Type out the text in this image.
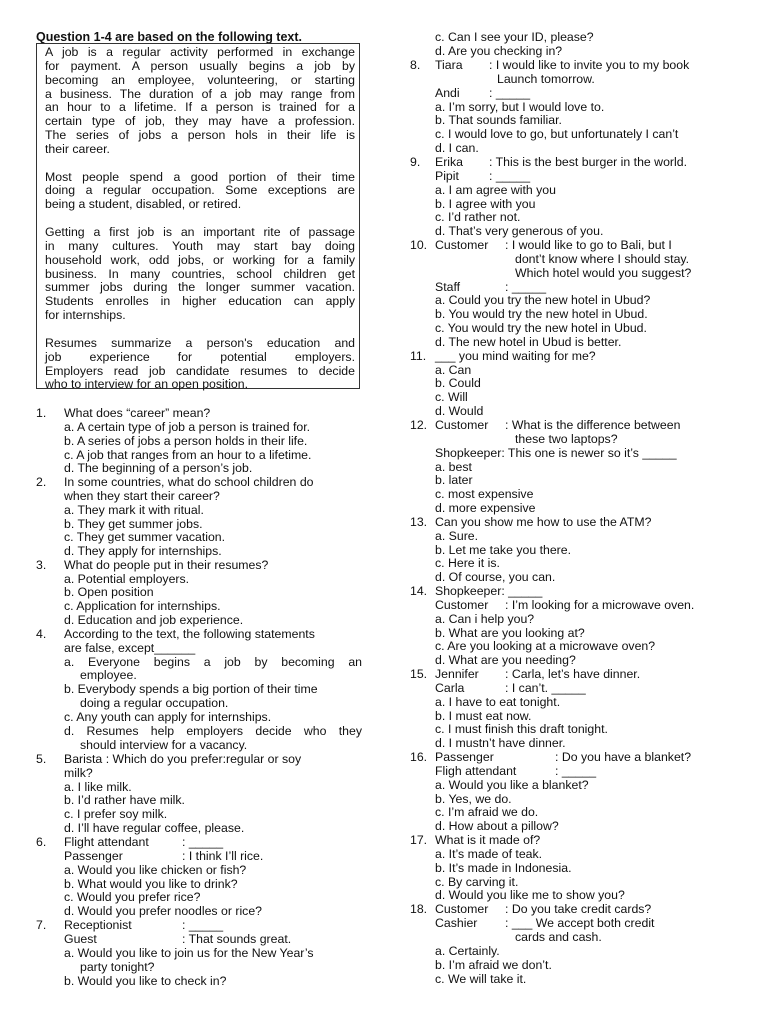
Question 1-4 are based on the following text.
A job is a regular activity performed in exchange
for payment. A person usually begins a job by
becoming an employee, volunteering, or starting
a business. The duration of a job may range from
an hour to a lifetime. If a person is trained for a
certain type of job, they may have a profession.
The series of jobs a person hols in their life is
their career.
Most people spend a good portion of their time
doing a regular occupation. Some exceptions are
being a student, disabled, or retired.
Getting a first job is an important rite of passage
in many cultures. Youth may start bay doing
household work, odd jobs, or working for a family
business. In many countries, school children get
summer jobs during the longer summer vacation.
Students enrolles in higher education can apply
for internships.
Resumes summarize a person's education and
job experience for potential employers.
Employers read job candidate resumes to decide
who to interview for an open position.
1. What does “career” mean?
a. A certain type of job a person is trained for.
b. A series of jobs a person holds in their life.
c. A job that ranges from an hour to a lifetime.
d. The beginning of a person’s job.
2. In some countries, what do school children do
when they start their career?
a. They mark it with ritual.
b. They get summer jobs.
c. They get summer vacation.
d. They apply for internships.
3. What do people put in their resumes?
a. Potential employers.
b. Open position
c. Application for internships.
d. Education and job experience.
4. According to the text, the following statements
are false, except______
a. Everyone begins a job by becoming an
employee.
b. Everybody spends a big portion of their time
doing a regular occupation.
c. Any youth can apply for internships.
d. Resumes help employers decide who they
should interview for a vacancy.
5. Barista : Which do you prefer:regular or soy
milk?
a. I like milk.
b. I’d rather have milk.
c. I prefer soy milk.
d. I’ll have regular coffee, please.
6. Flight attendant	: _____
Passenger	: I think I’ll rice.
a. Would you like chicken or fish?
b. What would you like to drink?
c. Would you prefer rice?
d. Would you prefer noodles or rice?
7. Receptionist	: _____
Guest	: That sounds great.
a. Would you like to join us for the New Year’s
party tonight?
b. Would you like to check in?
c. Can I see your ID, please?
d. Are you checking in?
8. Tiara : I would like to invite you to my book
Launch tomorrow.
Andi : _____
a. I’m sorry, but I would love to.
b. That sounds familiar.
c. I would love to go, but unfortunately I can’t
d. I can.
9. Erika : This is the best burger in the world.
Pipit : _____
a. I am agree with you
b. I agree with you
c. I’d rather not.
d. That’s very generous of you.
10. Customer : I would like to go to Bali, but I
dont’t know where I should stay.
Which hotel would you suggest?
Staff	: _____
a. Could you try the new hotel in Ubud?
b. You would try the new hotel in Ubud.
c. You would try the new hotel in Ubud.
d. The new hotel in Ubud is better.
11. ___ you mind waiting for me?
a. Can
b. Could
c. Will
d. Would
12. Customer : What is the difference between
these two laptops?
Shopkeeper: This one is newer so it’s _____
a. best
b. later
c. most expensive
d. more expensive
13. Can you show me how to use the ATM?
a. Sure.
b. Let me take you there.
c. Here it is.
d. Of course, you can.
14. Shopkeeper: _____
Customer : I’m looking for a microwave oven.
a. Can i help you?
b. What are you looking at?
c. Are you looking at a microwave oven?
d. What are you needing?
15. Jennifer : Carla, let’s have dinner.
Carla	: I can’t. _____
a. I have to eat tonight.
b. I must eat now.
c. I must finish this draft tonight.
d. I mustn’t have dinner.
16. Passenger	: Do you have a blanket?
Fligh attendant	: _____
a. Would you like a blanket?
b. Yes, we do.
c. I’m afraid we do.
d. How about a pillow?
17. What is it made of?
a. It’s made of teak.
b. It’s made in Indonesia.
c. By carving it.
d. Would you like me to show you?
18. Customer : Do you take credit cards?
Cashier : ___ We accept both credit
cards and cash.
a. Certainly.
b. I’m afraid we don’t.
c. We will take it.
